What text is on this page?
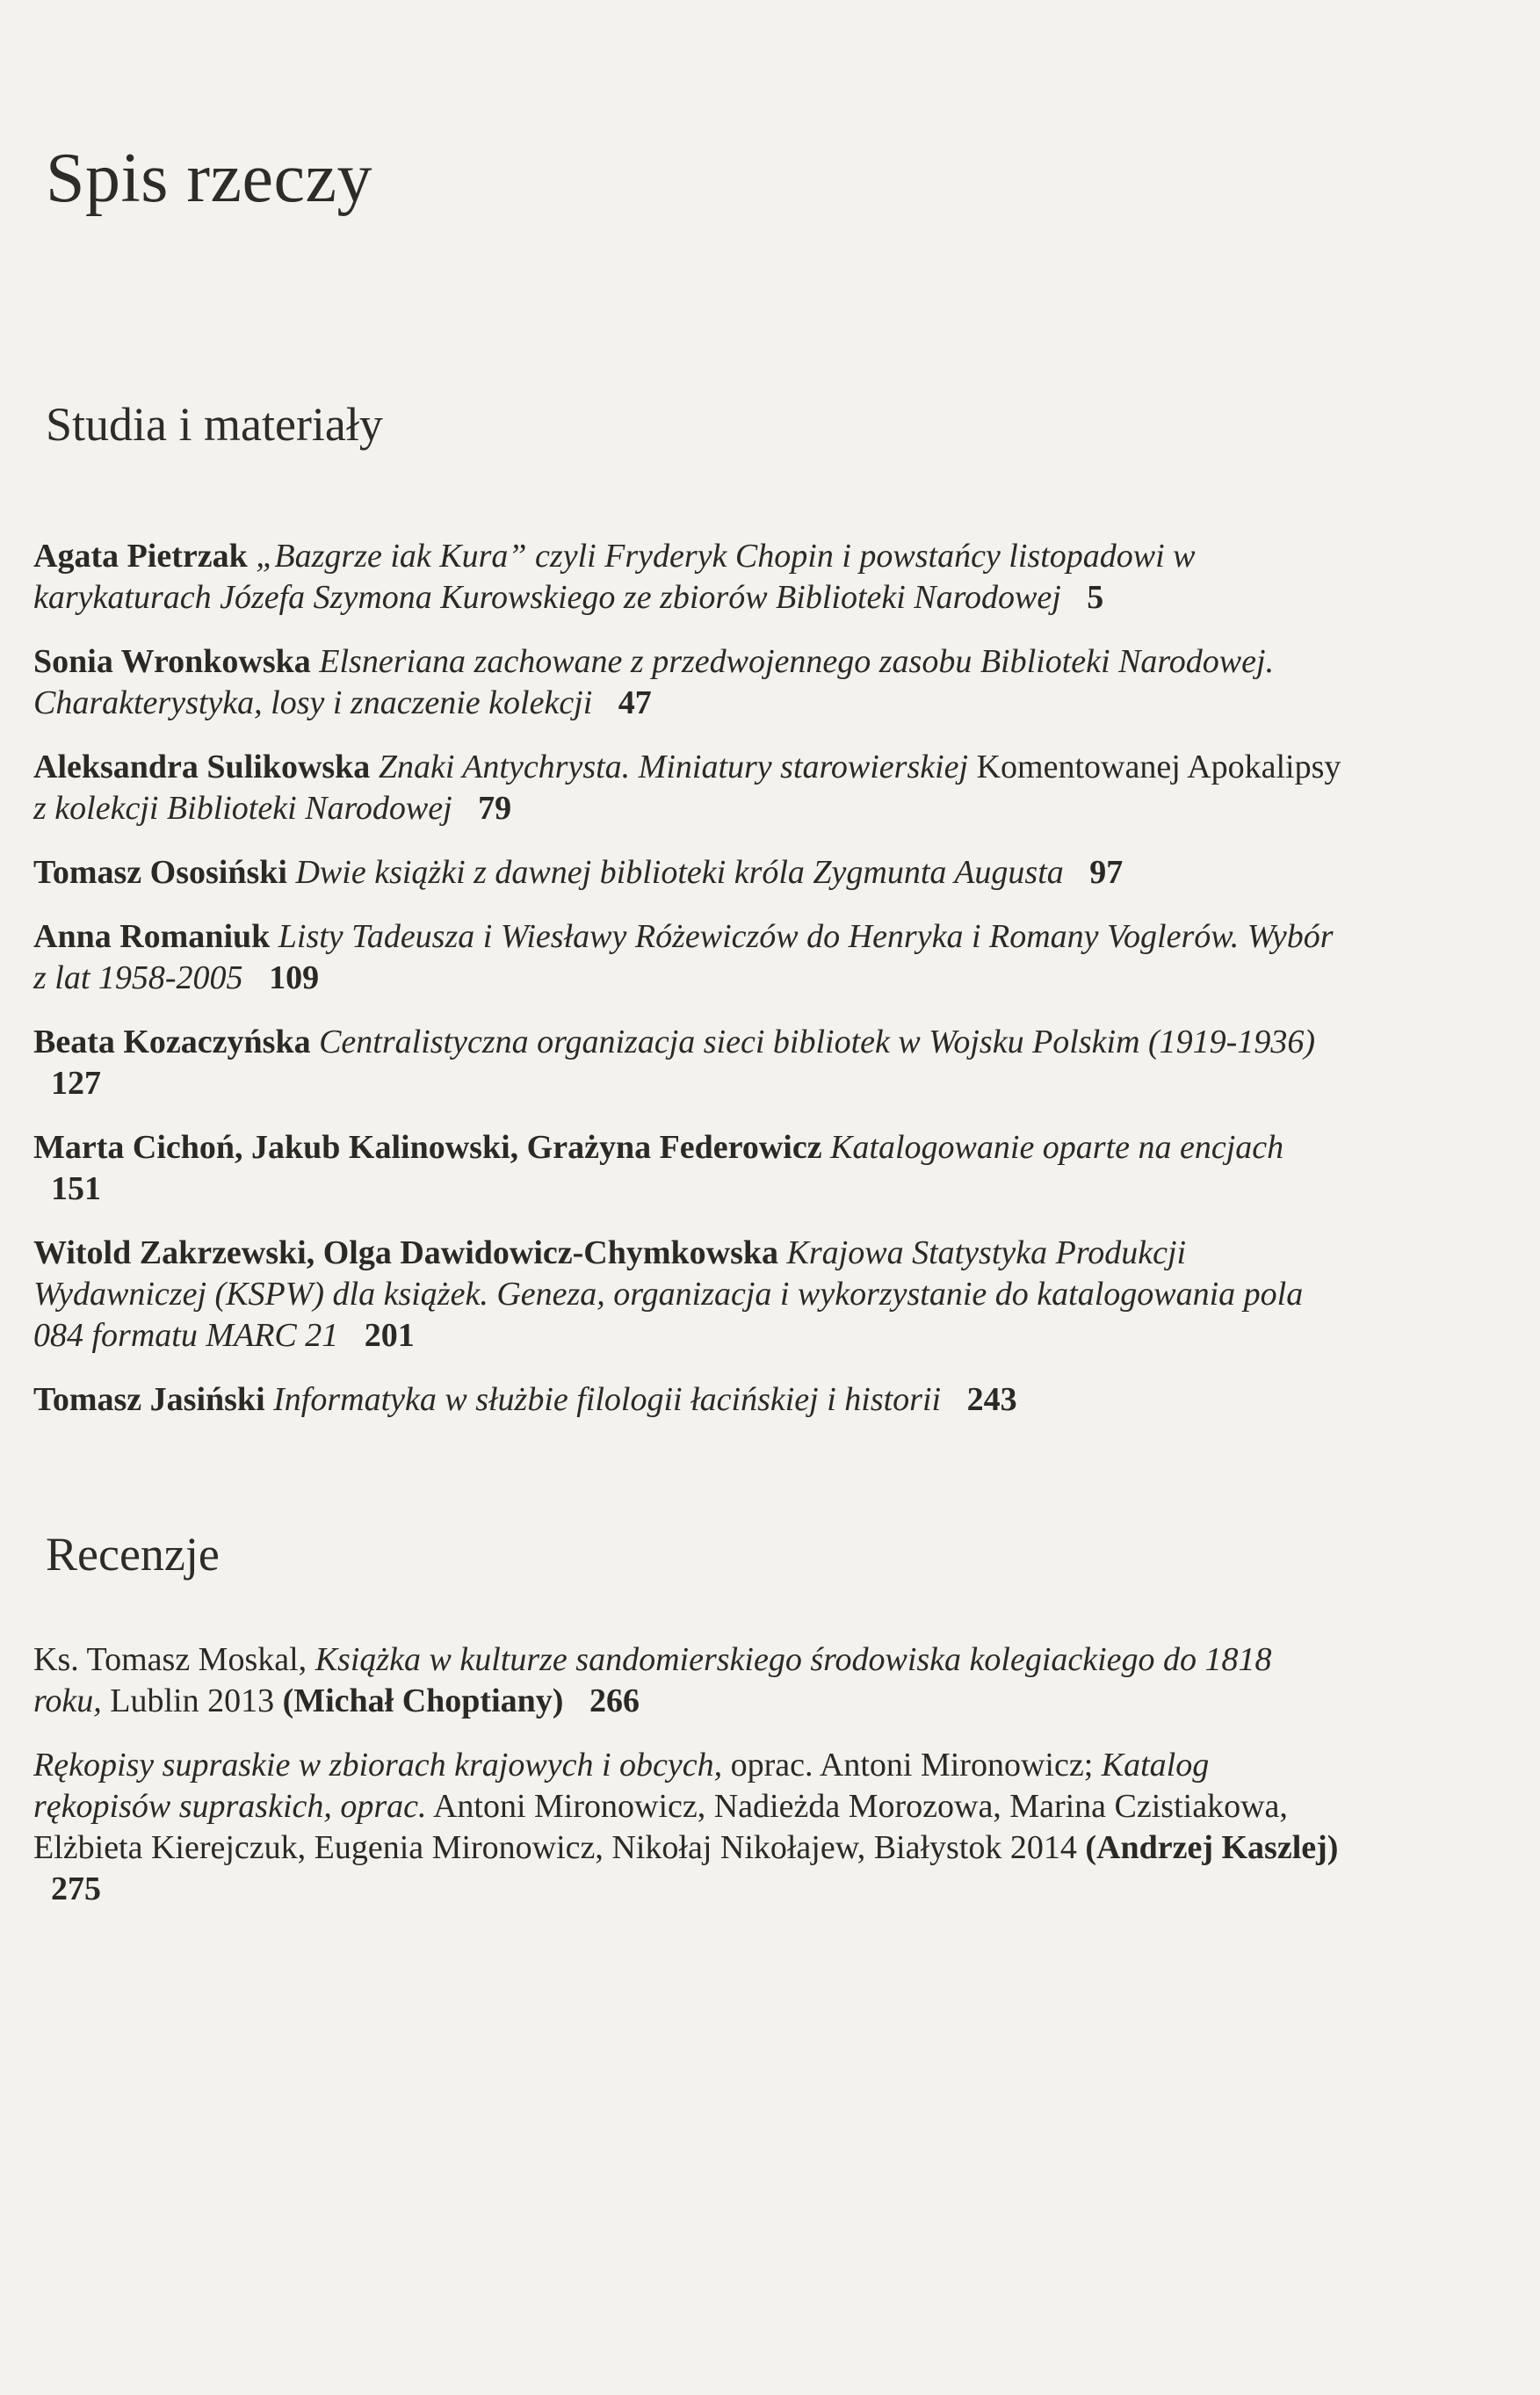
Spis rzeczy
Studia i materiały

Agata Pietrzak „Bazgrze iak Kura” czyli Fryderyk Chopin i powstańcy listopadowi w karykaturach Józefa Szymona Kurowskiego ze zbiorów Biblioteki Narodowej 5

Sonia Wronkowska Elsneriana zachowane z przedwojennego zasobu Biblioteki Narodowej. Charakterystyka, losy i znaczenie kolekcji 47

Aleksandra Sulikowska Znaki Antychrysta. Miniatury starowierskiej Komentowanej Apokalipsy z kolekcji Biblioteki Narodowej 79

Tomasz Ososiński Dwie książki z dawnej biblioteki króla Zygmunta Augusta 97

Anna Romaniuk Listy Tadeusza i Wiesławy Różewiczów do Henryka i Romany Voglerów. Wybór z lat 1958-2005 109

Beata Kozaczyńska Centralistyczna organizacja sieci bibliotek w Wojsku Polskim (1919-1936) 127

Marta Cichoń, Jakub Kalinowski, Grażyna Federowicz Katalogowanie oparte na encjach 151

Witold Zakrzewski, Olga Dawidowicz-Chymkowska Krajowa Statystyka Produkcji Wydawniczej (KSPW) dla książek. Geneza, organizacja i wykorzystanie do katalogowania pola 084 formatu MARC 21 201

Tomasz Jasiński Informatyka w służbie filologii łacińskiej i historii 243

Recenzje

Ks. Tomasz Moskal, Książka w kulturze sandomierskiego środowiska kolegiackiego do 1818 roku, Lublin 2013 (Michał Choptiany) 266

Rękopisy supraskie w zbiorach krajowych i obcych, oprac. Antoni Mironowicz; Katalog rękopisów supraskich, oprac. Antoni Mironowicz, Nadieżda Morozowa, Marina Czistiakowa, Elżbieta Kierejczuk, Eugenia Mironowicz, Nikołaj Nikołajew, Białystok 2014 (Andrzej Kaszlej) 275
